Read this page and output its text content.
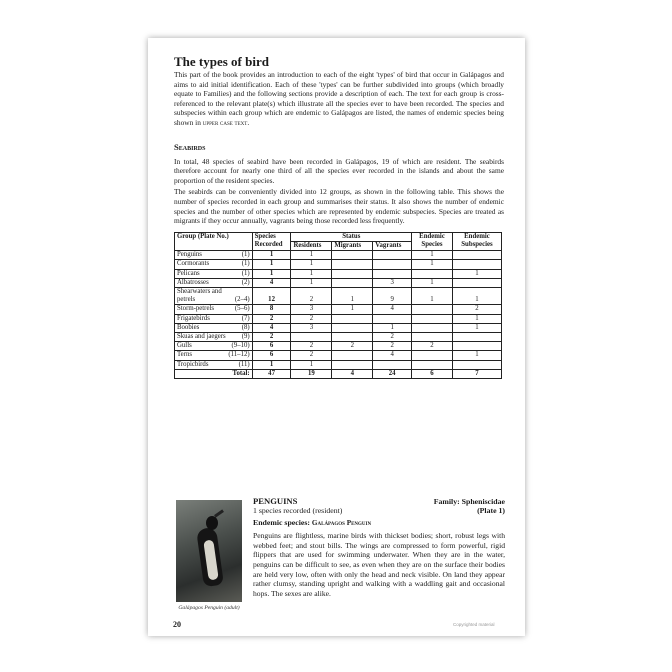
The types of bird

This part of the book provides an introduction to each of the eight 'types' of bird that occur in Galápagos and aims to aid initial identification. Each of these 'types' can be further subdivided into groups (which broadly equate to Families) and the following sections provide a description of each. The text for each group is cross-referenced to the relevant plate(s) which illustrate all the species ever to have been recorded. The species and subspecies within each group which are endemic to Galápagos are listed, the names of endemic species being shown in upper case text.

Seabirds

In total, 48 species of seabird have been recorded in Galápagos, 19 of which are resident. The seabirds therefore account for nearly one third of all the species ever recorded in the islands and about the same proportion of the resident species.

The seabirds can be conveniently divided into 12 groups, as shown in the following table. This shows the number of species recorded in each group and summarises their status. It also shows the number of endemic species and the number of other species which are represented by endemic subspecies. Species are treated as migrants if they occur annually, vagrants being those recorded less frequently.

Group (Plate No.)	Species Recorded	Status			Endemic Species	Endemic Subspecies
		Residents	Migrants	Vagrants		

Penguins (1)	1	1			1	

Cormorants (1)	1	1			1	

Pelicans (1)	1	1				1

Albatrosses (2)	4	1		3	1	

Shearwaters and petrels (2–4)	12	2	1	9	1	1

Storm-petrels (5–6)	8	3	1	4		2

Frigatebirds (7)	2	2				1

Boobies (8)	4	3		1		1

Skuas and jaegers (9)	2			2		

Gulls (9–10)	6	2	2	2	2	

Terns (11–12)	6	2		4		1

Tropicbirds (11)	1	1				
Total:	47	19	4	24	6	7
Galápagos Penguin (adult)
PENGUINS	Family: Spheniscidae
1 species recorded (resident)	(Plate 1)
Endemic species: Galápagos Penguin

Penguins are flightless, marine birds with thickset bodies; short, robust legs with webbed feet; and stout bills. The wings are compressed to form powerful, rigid flippers that are used for swimming underwater. When they are in the water, penguins can be difficult to see, as even when they are on the surface their bodies are held very low, often with only the head and neck visible. On land they appear rather clumsy, standing upright and walking with a waddling gait and occasional hops. The sexes are alike.

20	Copyrighted material
